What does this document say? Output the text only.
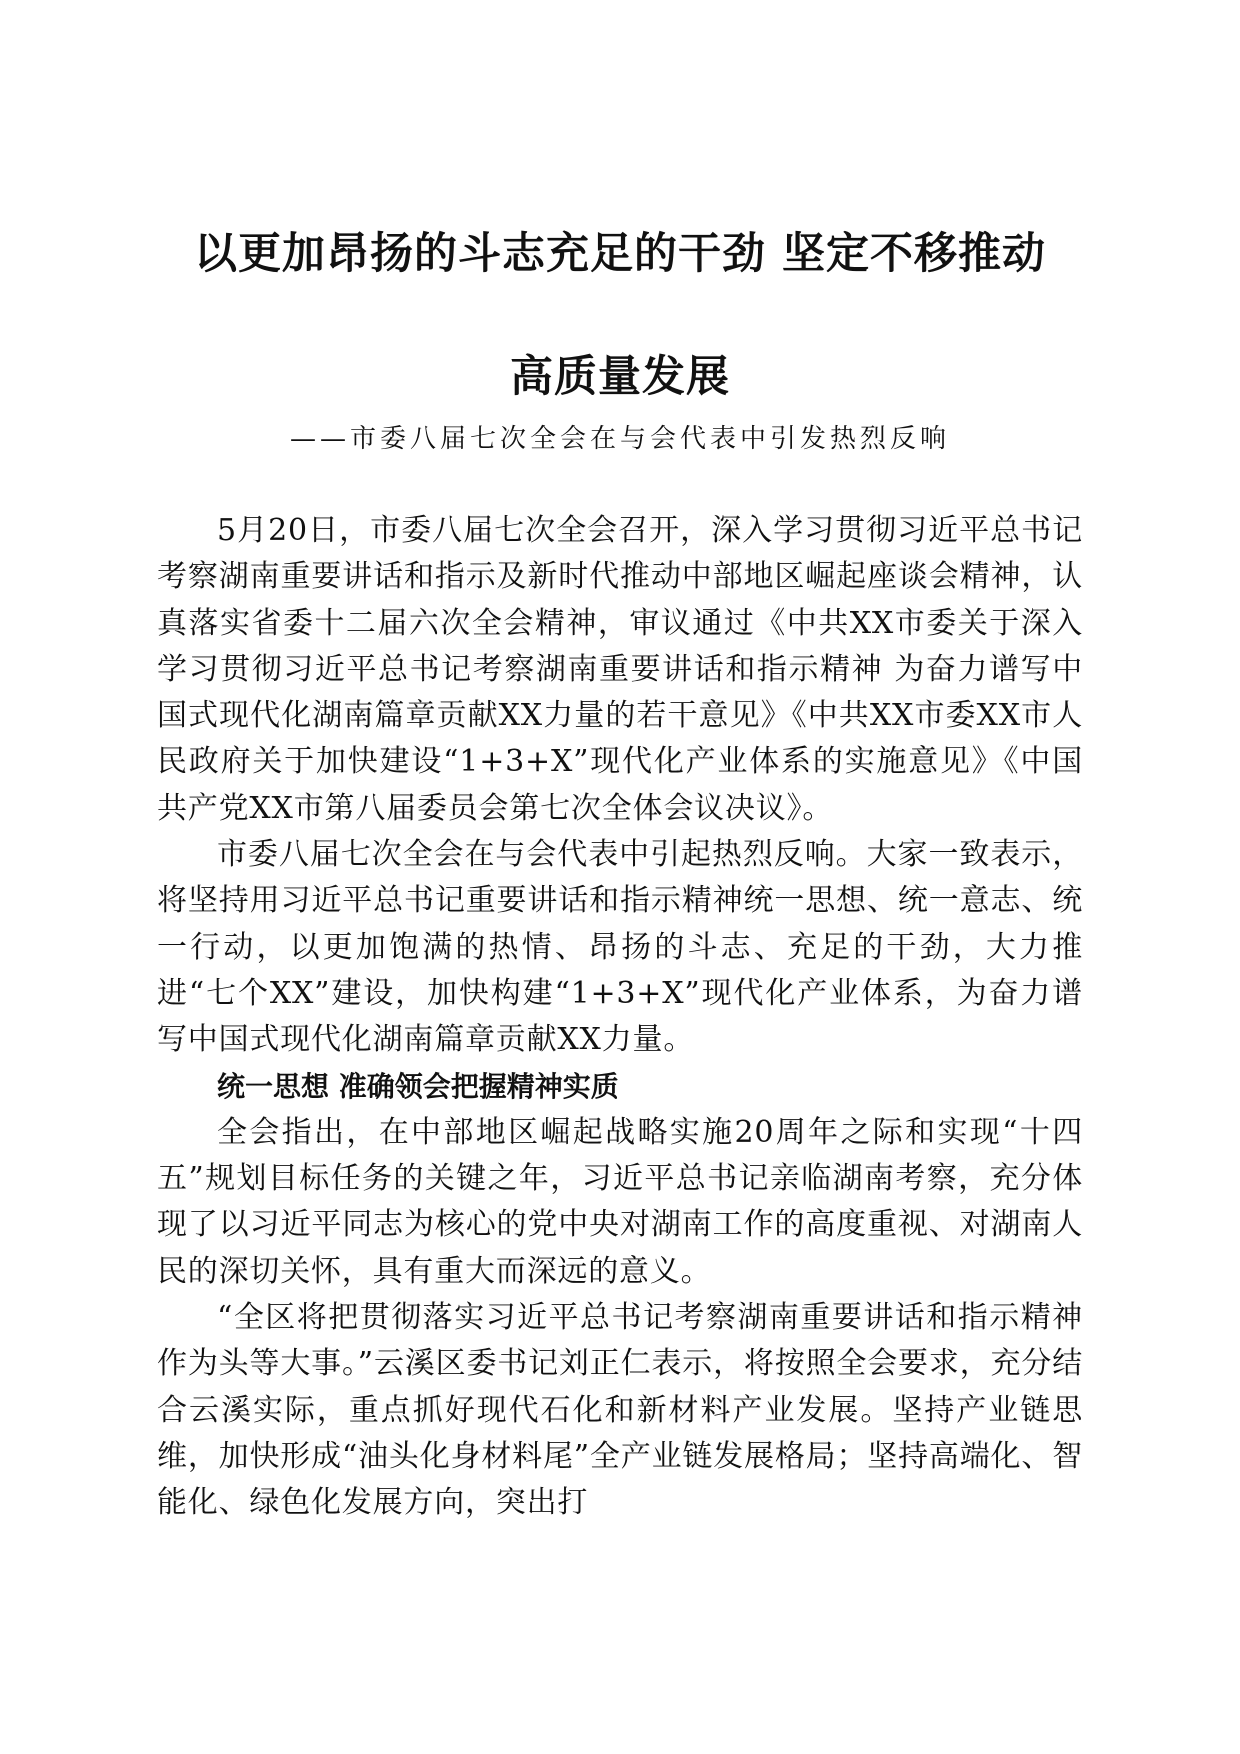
以更加昂扬的斗志充足的干劲 坚定不移推动
高质量发展
——市委八届七次全会在与会代表中引发热烈反响

5月20日，市委八届七次全会召开，深入学习贯彻习近平总书记考察湖南重要讲话和指示及新时代推动中部地区崛起座谈会精神，认真落实省委十二届六次全会精神，审议通过《中共XX市委关于深入学习贯彻习近平总书记考察湖南重要讲话和指示精神 为奋力谱写中国式现代化湖南篇章贡献XX力量的若干意见》《中共XX市委XX市人民政府关于加快建设“1+3+X”现代化产业体系的实施意见》《中国共产党XX市第八届委员会第七次全体会议决议》。

市委八届七次全会在与会代表中引起热烈反响。大家一致表示，将坚持用习近平总书记重要讲话和指示精神统一思想、统一意志、统一行动，以更加饱满的热情、昂扬的斗志、充足的干劲，大力推进“七个XX”建设，加快构建“1+3+X”现代化产业体系，为奋力谱写中国式现代化湖南篇章贡献XX力量。

统一思想 准确领会把握精神实质

全会指出，在中部地区崛起战略实施20周年之际和实现“十四五”规划目标任务的关键之年，习近平总书记亲临湖南考察，充分体现了以习近平同志为核心的党中央对湖南工作的高度重视、对湖南人民的深切关怀，具有重大而深远的意义。

“全区将把贯彻落实习近平总书记考察湖南重要讲话和指示精神作为头等大事。”云溪区委书记刘正仁表示，将按照全会要求，充分结合云溪实际，重点抓好现代石化和新材料产业发展。坚持产业链思维，加快形成“油头化身材料尾”全产业链发展格局；坚持高端化、智能化、绿色化发展方向，突出打
